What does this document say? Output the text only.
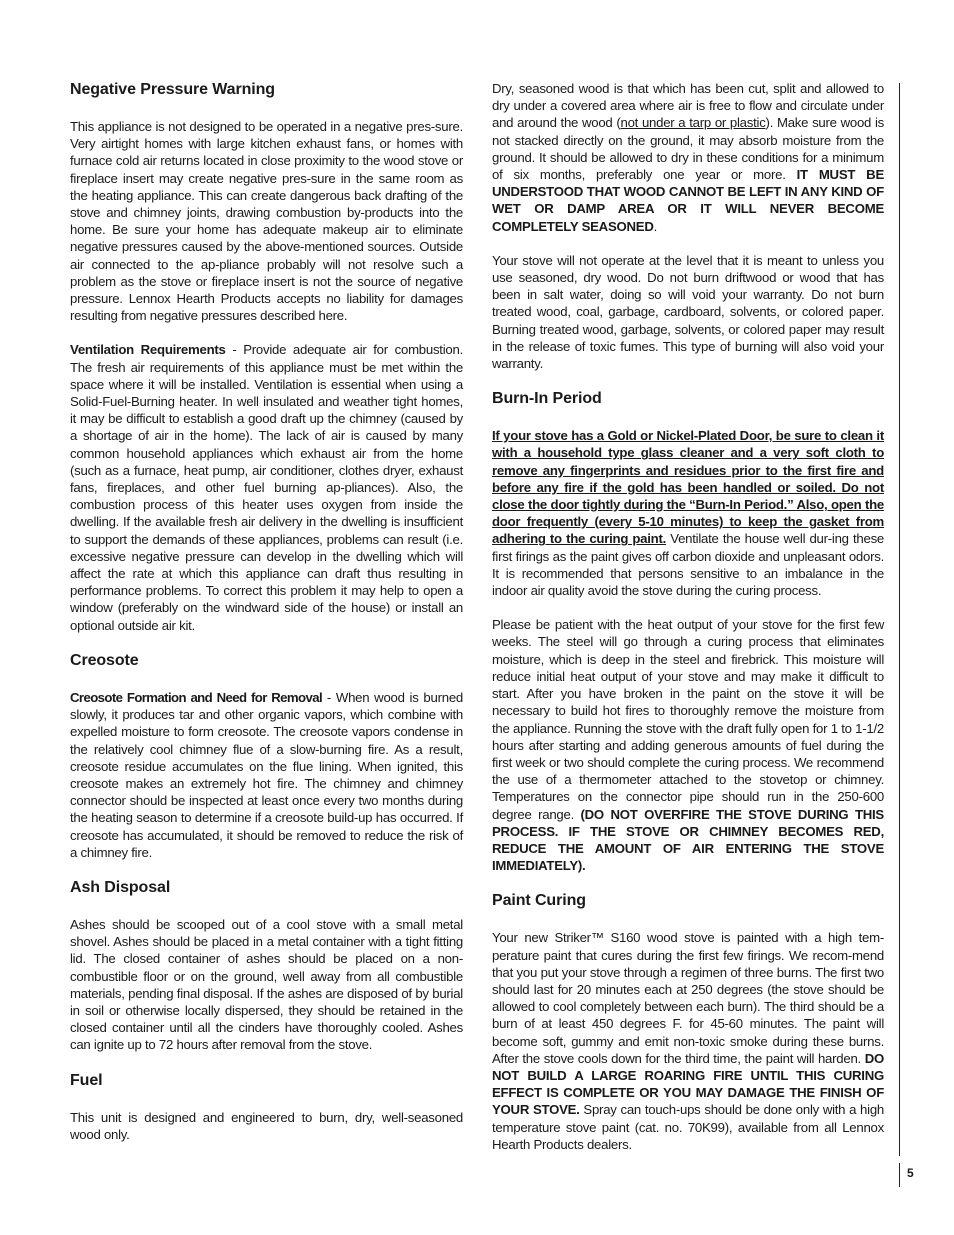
Negative Pressure Warning

This appliance is not designed to be operated in a negative pres-sure. Very airtight homes with large kitchen exhaust fans, or homes with furnace cold air returns located in close proximity to the wood stove or fireplace insert may create negative pres-sure in the same room as the heating appliance. This can create dangerous back drafting of the stove and chimney joints, drawing combustion by-products into the home. Be sure your home has adequate makeup air to eliminate negative pressures caused by the above-mentioned sources. Outside air connected to the ap-pliance probably will not resolve such a problem as the stove or fireplace insert is not the source of negative pressure. Lennox Hearth Products accepts no liability for damages resulting from negative pressures described here.

Ventilation Requirements - Provide adequate air for combustion. The fresh air requirements of this appliance must be met within the space where it will be installed. Ventilation is essential when using a Solid-Fuel-Burning heater. In well insulated and weather tight homes, it may be difficult to establish a good draft up the chimney (caused by a shortage of air in the home). The lack of air is caused by many common household appliances which exhaust air from the home (such as a furnace, heat pump, air conditioner, clothes dryer, exhaust fans, fireplaces, and other fuel burning ap-pliances). Also, the combustion process of this heater uses oxygen from inside the dwelling. If the available fresh air delivery in the dwelling is insufficient to support the demands of these appliances, problems can result (i.e. excessive negative pressure can develop in the dwelling which will affect the rate at which this appliance can draft thus resulting in performance problems. To correct this problem it may help to open a window (preferably on the windward side of the house) or install an optional outside air kit.

Creosote

Creosote Formation and Need for Removal - When wood is burned slowly, it produces tar and other organic vapors, which combine with expelled moisture to form creosote. The creosote vapors condense in the relatively cool chimney flue of a slow-burning fire. As a result, creosote residue accumulates on the flue lining. When ignited, this creosote makes an extremely hot fire. The chimney and chimney connector should be inspected at least once every two months during the heating season to determine if a creosote build-up has occurred. If creosote has accumulated, it should be removed to reduce the risk of a chimney fire.

Ash Disposal

Ashes should be scooped out of a cool stove with a small metal shovel. Ashes should be placed in a metal container with a tight fitting lid. The closed container of ashes should be placed on a non-combustible floor or on the ground, well away from all combustible materials, pending final disposal. If the ashes are disposed of by burial in soil or otherwise locally dispersed, they should be retained in the closed container until all the cinders have thoroughly cooled. Ashes can ignite up to 72 hours after removal from the stove.

Fuel

This unit is designed and engineered to burn, dry, well-seasoned wood only.

Dry, seasoned wood is that which has been cut, split and allowed to dry under a covered area where air is free to flow and circulate under and around the wood (not under a tarp or plastic). Make sure wood is not stacked directly on the ground, it may absorb moisture from the ground. It should be allowed to dry in these conditions for a minimum of six months, preferably one year or more. IT MUST BE UNDERSTOOD THAT WOOD CANNOT BE LEFT IN ANY KIND OF WET OR DAMP AREA OR IT WILL NEVER BECOME COMPLETELY SEASONED.

Your stove will not operate at the level that it is meant to unless you use seasoned, dry wood. Do not burn driftwood or wood that has been in salt water, doing so will void your warranty. Do not burn treated wood, coal, garbage, cardboard, solvents, or colored paper. Burning treated wood, garbage, solvents, or colored paper may result in the release of toxic fumes. This type of burning will also void your warranty.

Burn-In Period

If your stove has a Gold or Nickel-Plated Door, be sure to clean it with a household type glass cleaner and a very soft cloth to remove any fingerprints and residues prior to the first fire and before any fire if the gold has been handled or soiled. Do not close the door tightly during the “Burn-In Period.” Also, open the door frequently (every 5-10 minutes) to keep the gasket from adhering to the curing paint. Ventilate the house well dur-ing these first firings as the paint gives off carbon dioxide and unpleasant odors. It is recommended that persons sensitive to an imbalance in the indoor air quality avoid the stove during the curing process.

Please be patient with the heat output of your stove for the first few weeks. The steel will go through a curing process that eliminates moisture, which is deep in the steel and firebrick. This moisture will reduce initial heat output of your stove and may make it difficult to start. After you have broken in the paint on the stove it will be necessary to build hot fires to thoroughly remove the moisture from the appliance. Running the stove with the draft fully open for 1 to 1-1/2 hours after starting and adding generous amounts of fuel during the first week or two should complete the curing process. We recommend the use of a thermometer attached to the stovetop or chimney. Temperatures on the connector pipe should run in the 250-600 degree range. (DO NOT OVERFIRE THE STOVE DURING THIS PROCESS. IF THE STOVE OR CHIMNEY BECOMES RED, REDUCE THE AMOUNT OF AIR ENTERING THE STOVE IMMEDIATELY).

Paint Curing

Your new Striker™ S160 wood stove is painted with a high tem-perature paint that cures during the first few firings. We recom-mend that you put your stove through a regimen of three burns. The first two should last for 20 minutes each at 250 degrees (the stove should be allowed to cool completely between each burn). The third should be a burn of at least 450 degrees F. for 45-60 minutes. The paint will become soft, gummy and emit non-toxic smoke during these burns. After the stove cools down for the third time, the paint will harden. DO NOT BUILD A LARGE ROARING FIRE UNTIL THIS CURING EFFECT IS COMPLETE OR YOU MAY DAMAGE THE FINISH OF YOUR STOVE. Spray can touch-ups should be done only with a high temperature stove paint (cat. no. 70K99), available from all Lennox Hearth Products dealers.

5
